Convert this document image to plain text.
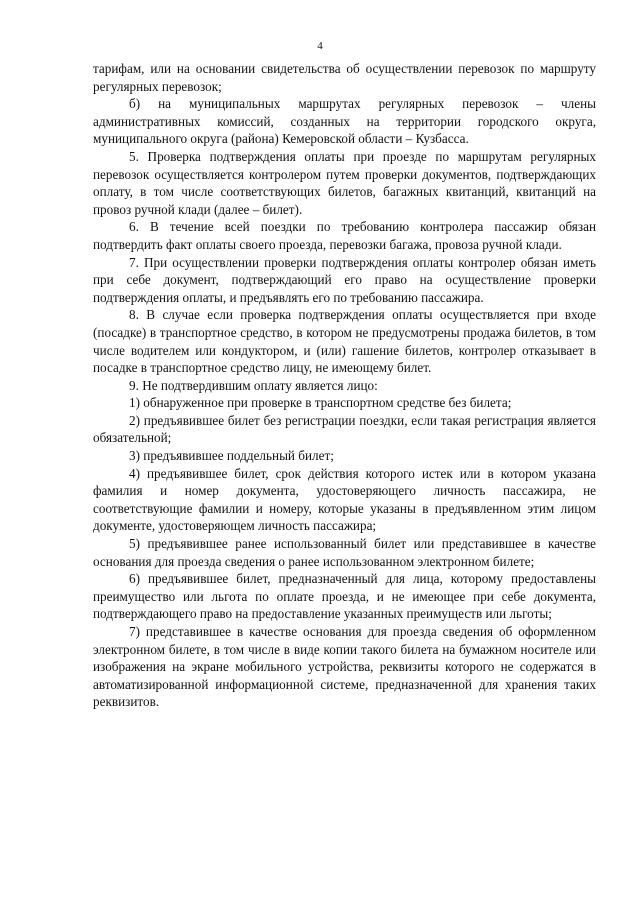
4

тарифам, или на основании свидетельства об осуществлении перевозок по маршруту регулярных перевозок;

б) на муниципальных маршрутах регулярных перевозок – члены административных комиссий, созданных на территории городского округа, муниципального округа (района) Кемеровской области – Кузбасса.

5. Проверка подтверждения оплаты при проезде по маршрутам регулярных перевозок осуществляется контролером путем проверки документов, подтверждающих оплату, в том числе соответствующих билетов, багажных квитанций, квитанций на провоз ручной клади (далее – билет).

6. В течение всей поездки по требованию контролера пассажир обязан подтвердить факт оплаты своего проезда, перевозки багажа, провоза ручной клади.

7. При осуществлении проверки подтверждения оплаты контролер обязан иметь при себе документ, подтверждающий его право на осуществление проверки подтверждения оплаты, и предъявлять его по требованию пассажира.

8. В случае если проверка подтверждения оплаты осуществляется при входе (посадке) в транспортное средство, в котором не предусмотрены продажа билетов, в том числе водителем или кондуктором, и (или) гашение билетов, контролер отказывает в посадке в транспортное средство лицу, не имеющему билет.

9. Не подтвердившим оплату является лицо:

1) обнаруженное при проверке в транспортном средстве без билета;

2) предъявившее билет без регистрации поездки, если такая регистрация является обязательной;

3) предъявившее поддельный билет;

4) предъявившее билет, срок действия которого истек или в котором указана фамилия и номер документа, удостоверяющего личность пассажира, не соответствующие фамилии и номеру, которые указаны в предъявленном этим лицом документе, удостоверяющем личность пассажира;

5) предъявившее ранее использованный билет или представившее в качестве основания для проезда сведения о ранее использованном электронном билете;

6) предъявившее билет, предназначенный для лица, которому предоставлены преимущество или льгота по оплате проезда, и не имеющее при себе документа, подтверждающего право на предоставление указанных преимуществ или льготы;

7) представившее в качестве основания для проезда сведения об оформленном электронном билете, в том числе в виде копии такого билета на бумажном носителе или изображения на экране мобильного устройства, реквизиты которого не содержатся в автоматизированной информационной системе, предназначенной для хранения таких реквизитов.
